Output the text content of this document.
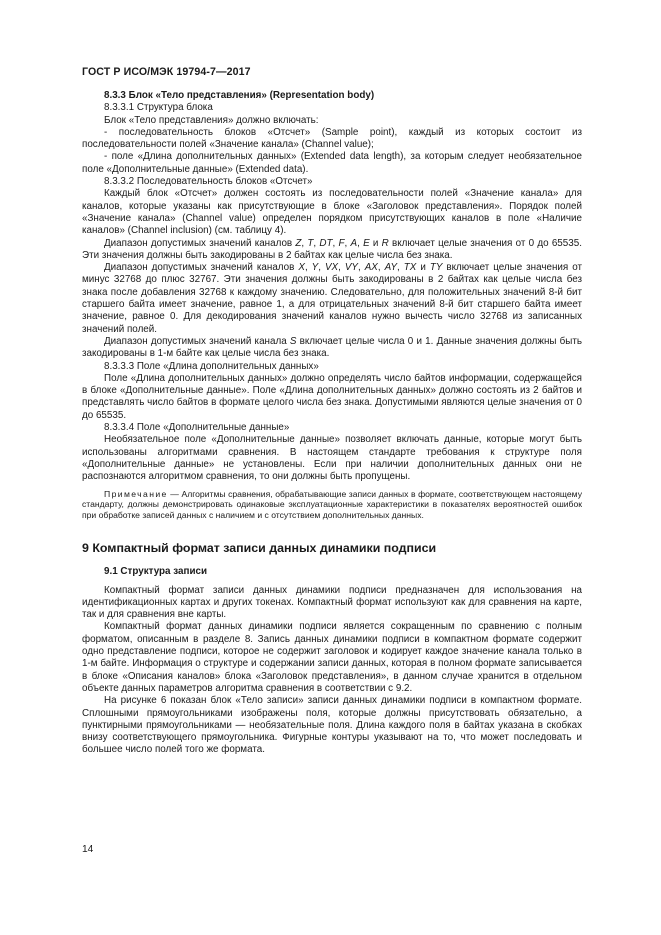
ГОСТ Р ИСО/МЭК 19794-7—2017

8.3.3 Блок «Тело представления» (Representation body)

8.3.3.1 Структура блока

Блок «Тело представления» должно включать:

- последовательность блоков «Отсчет» (Sample point), каждый из которых состоит из последовательности полей «Значение канала» (Channel value);

- поле «Длина дополнительных данных» (Extended data length), за которым следует необязательное поле «Дополнительные данные» (Extended data).

8.3.3.2 Последовательность блоков «Отсчет»

Каждый блок «Отсчет» должен состоять из последовательности полей «Значение канала» для каналов, которые указаны как присутствующие в блоке «Заголовок представления». Порядок полей «Значение канала» (Channel value) определен порядком присутствующих каналов в поле «Наличие каналов» (Channel inclusion) (см. таблицу 4).

Диапазон допустимых значений каналов Z, T, DT, F, A, E и R включает целые значения от 0 до 65535. Эти значения должны быть закодированы в 2 байтах как целые числа без знака.

Диапазон допустимых значений каналов X, Y, VX, VY, AX, AY, TX и TY включает целые значения от минус 32768 до плюс 32767. Эти значения должны быть закодированы в 2 байтах как целые числа без знака после добавления 32768 к каждому значению. Следовательно, для положительных значений 8-й бит старшего байта имеет значение, равное 1, а для отрицательных значений 8-й бит старшего байта имеет значение, равное 0. Для декодирования значений каналов нужно вычесть число 32768 из записанных значений полей.

Диапазон допустимых значений канала S включает целые числа 0 и 1. Данные значения должны быть закодированы в 1-м байте как целые числа без знака.

8.3.3.3 Поле «Длина дополнительных данных»

Поле «Длина дополнительных данных» должно определять число байтов информации, содержащейся в блоке «Дополнительные данные». Поле «Длина дополнительных данных» должно состоять из 2 байтов и представлять число байтов в формате целого числа без знака. Допустимыми являются целые значения от 0 до 65535.

8.3.3.4 Поле «Дополнительные данные»

Необязательное поле «Дополнительные данные» позволяет включать данные, которые могут быть использованы алгоритмами сравнения. В настоящем стандарте требования к структуре поля «Дополнительные данные» не установлены. Если при наличии дополнительных данных они не распознаются алгоритмом сравнения, то они должны быть пропущены.

Примечание — Алгоритмы сравнения, обрабатывающие записи данных в формате, соответствующем настоящему стандарту, должны демонстрировать одинаковые эксплуатационные характеристики в показателях вероятностей ошибок при обработке записей данных с наличием и с отсутствием дополнительных данных.

9 Компактный формат записи данных динамики подписи

9.1 Структура записи

Компактный формат записи данных динамики подписи предназначен для использования на идентификационных картах и других токенах. Компактный формат используют как для сравнения на карте, так и для сравнения вне карты.

Компактный формат данных динамики подписи является сокращенным по сравнению с полным форматом, описанным в разделе 8. Запись данных динамики подписи в компактном формате содержит одно представление подписи, которое не содержит заголовок и кодирует каждое значение канала только в 1-м байте. Информация о структуре и содержании записи данных, которая в полном формате записывается в блоке «Описания каналов» блока «Заголовок представления», в данном случае хранится в отдельном объекте данных параметров алгоритма сравнения в соответствии с 9.2.

На рисунке 6 показан блок «Тело записи» записи данных динамики подписи в компактном формате. Сплошными прямоугольниками изображены поля, которые должны присутствовать обязательно, а пунктирными прямоугольниками — необязательные поля. Длина каждого поля в байтах указана в скобках внизу соответствующего прямоугольника. Фигурные контуры указывают на то, что может последовать и большее число полей того же формата.

14
